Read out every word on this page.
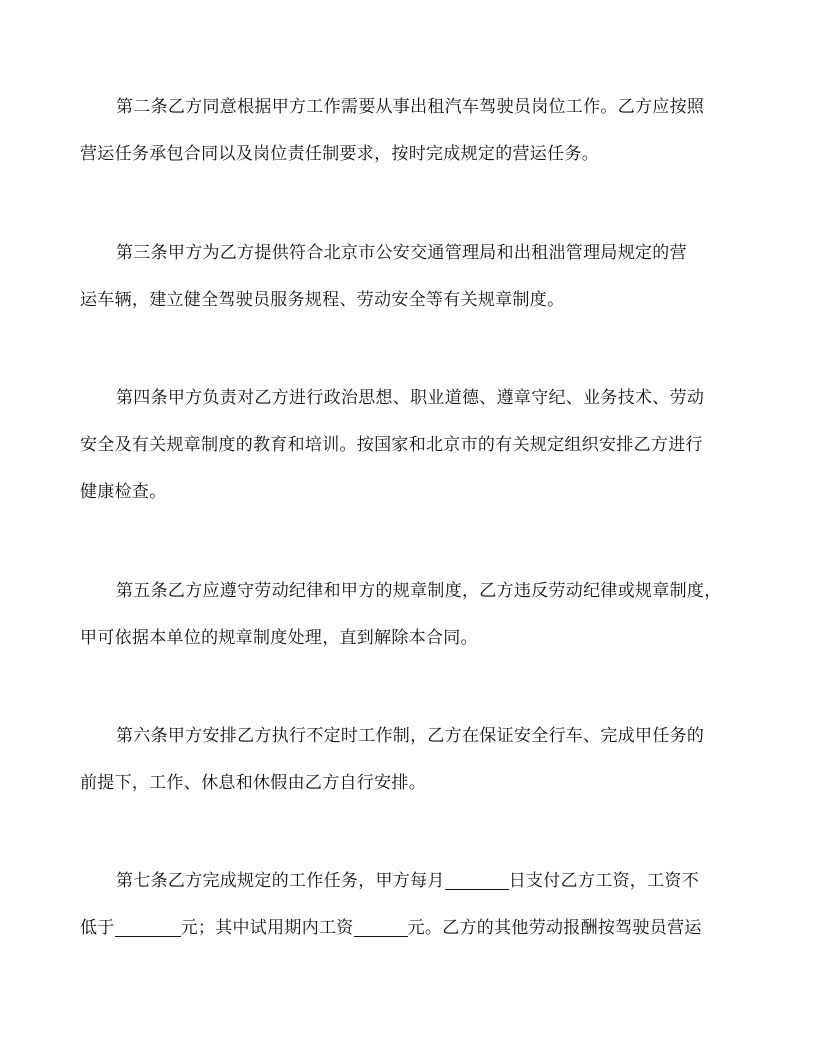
第二条乙方同意根据甲方工作需要从事出租汽车驾驶员岗位工作。乙方应按照
营运任务承包合同以及岗位责任制要求，按时完成规定的营运任务。
第三条甲方为乙方提供符合北京市公安交通管理局和出租泏管理局规定的营
运车辆，建立健全驾驶员服务规程、劳动安全等有关规章制度。
第四条甲方负责对乙方进行政治思想、职业道德、遵章守纪、业务技术、劳动
安全及有关规章制度的教育和培训。按国家和北京市的有关规定组织安排乙方进行
健康检查。
第五条乙方应遵守劳动纪律和甲方的规章制度，乙方违反劳动纪律或规章制度，
甲可依据本单位的规章制度处理，直到解除本合同。
第六条甲方安排乙方执行不定时工作制，乙方在保证安全行车、完成甲任务的
前提下，工作、休息和休假由乙方自行安排。
第七条乙方完成规定的工作任务，甲方每月	日支付乙方工资，工资不
低于	元；其中试用期内工资	元。乙方的其他劳动报酬按驾驶员营运
